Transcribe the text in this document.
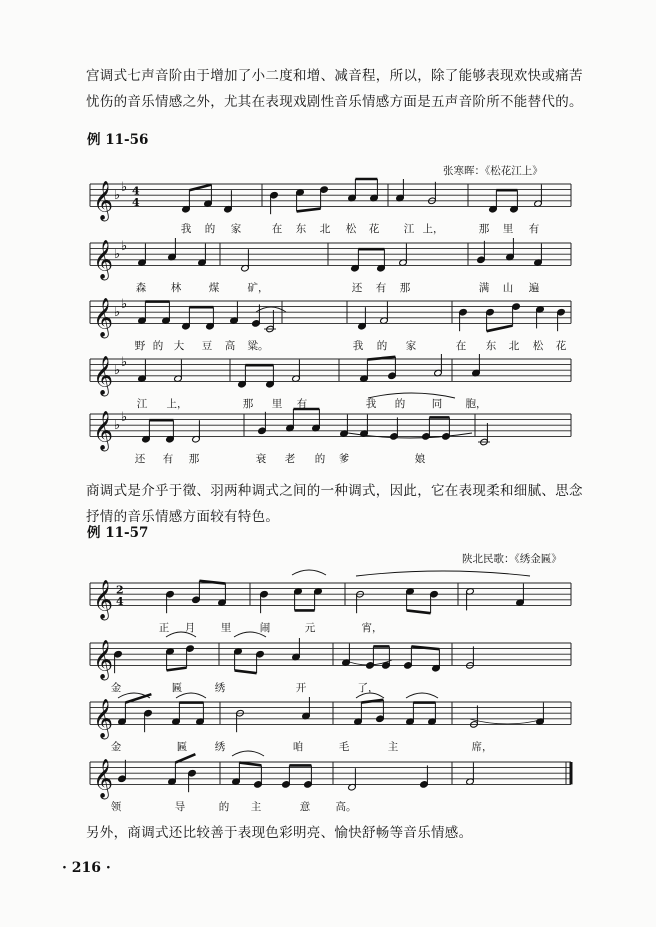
宫调式七声音阶由于增加了小二度和增、减音程，所以，除了能够表现欢快或痛苦忧伤的音乐情感之外，尤其在表现戏剧性音乐情感方面是五声音阶所不能替代的。
例 11-56
张寒晖：《松花江上》
商调式是介乎于徵、羽两种调式之间的一种调式，因此，它在表现柔和细腻、思念抒情的音乐情感方面较有特色。
例 11-57
陕北民歌：《绣金匾》
另外，商调式还比较善于表现色彩明亮、愉快舒畅等音乐情感。
𝄞 ♭
♭ 4
4
我 的 家	在 东 北 松 花 江 上，	那 里 有
𝄞 ♭
♭
森 林	煤	矿，	还 有 那	满 山 遍
𝄞 ♭
♭
野 的 大 豆 高 粱。	我 的 家	在 东 北 松 花
𝄞 ♭
♭
江 上，	那 里 有	我 的	同 胞，
𝄞 ♭
♭
还 有 那	衰 老 的 爹	娘
𝄞 2
4
正 月 里	闹	元	宵，
𝄞
金	匾	绣	开	了，
𝄞
金	匾	绣	咱	毛	主	席，
𝄞
领	导	的 主	意 高。
· 216 ·
